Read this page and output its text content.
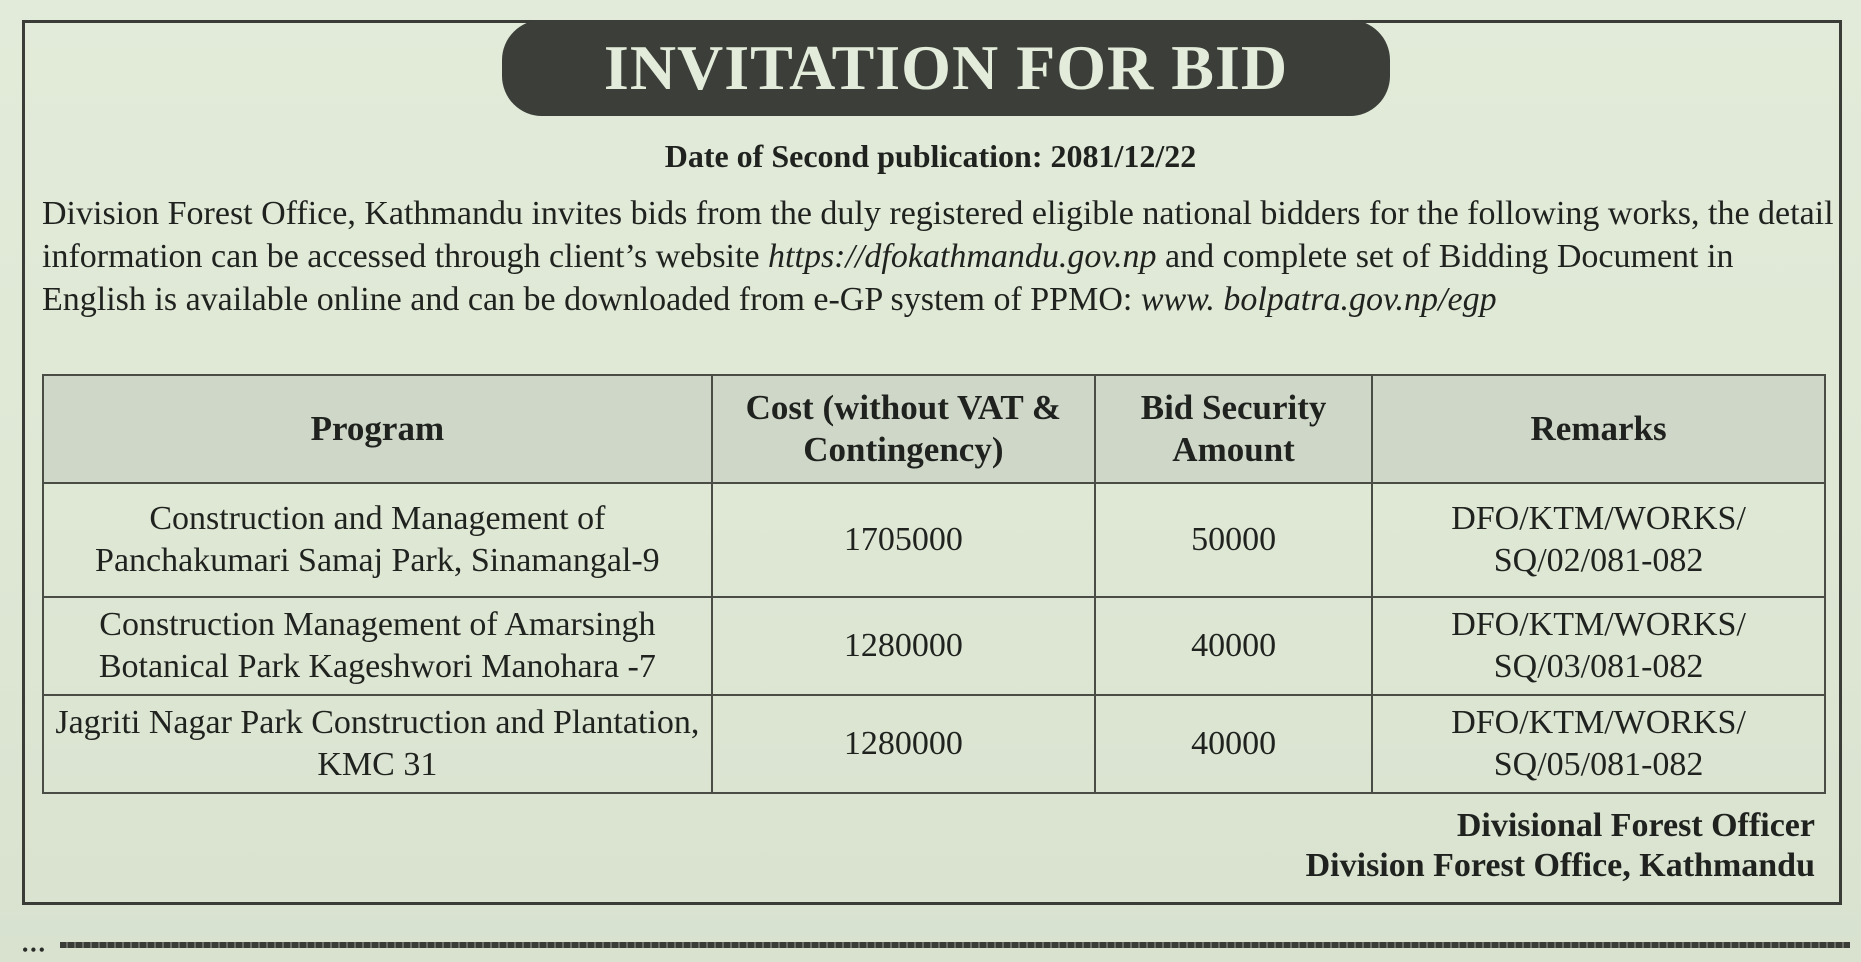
INVITATION FOR BID
Date of Second publication: 2081/12/22
Division Forest Office, Kathmandu invites bids from the duly registered eligible national bidders for the following works, the detail information can be accessed through client’s website https://dfokathmandu.gov.np and complete set of Bidding Document in English is available online and can be downloaded from e-GP system of PPMO: www. bolpatra.gov.np/egp
Program	Cost (without VAT & Contingency)	Bid Security Amount	Remarks
Construction and Management of Panchakumari Samaj Park, Sinamangal-9	1705000	50000	DFO/KTM/WORKS/ SQ/02/081-082
Construction Management of Amarsingh Botanical Park Kageshwori Manohara -7	1280000	40000	DFO/KTM/WORKS/ SQ/03/081-082
Jagriti Nagar Park Construction and Plantation, KMC 31	1280000	40000	DFO/KTM/WORKS/ SQ/05/081-082
Divisional Forest Officer
Division Forest Office, Kathmandu
•••
